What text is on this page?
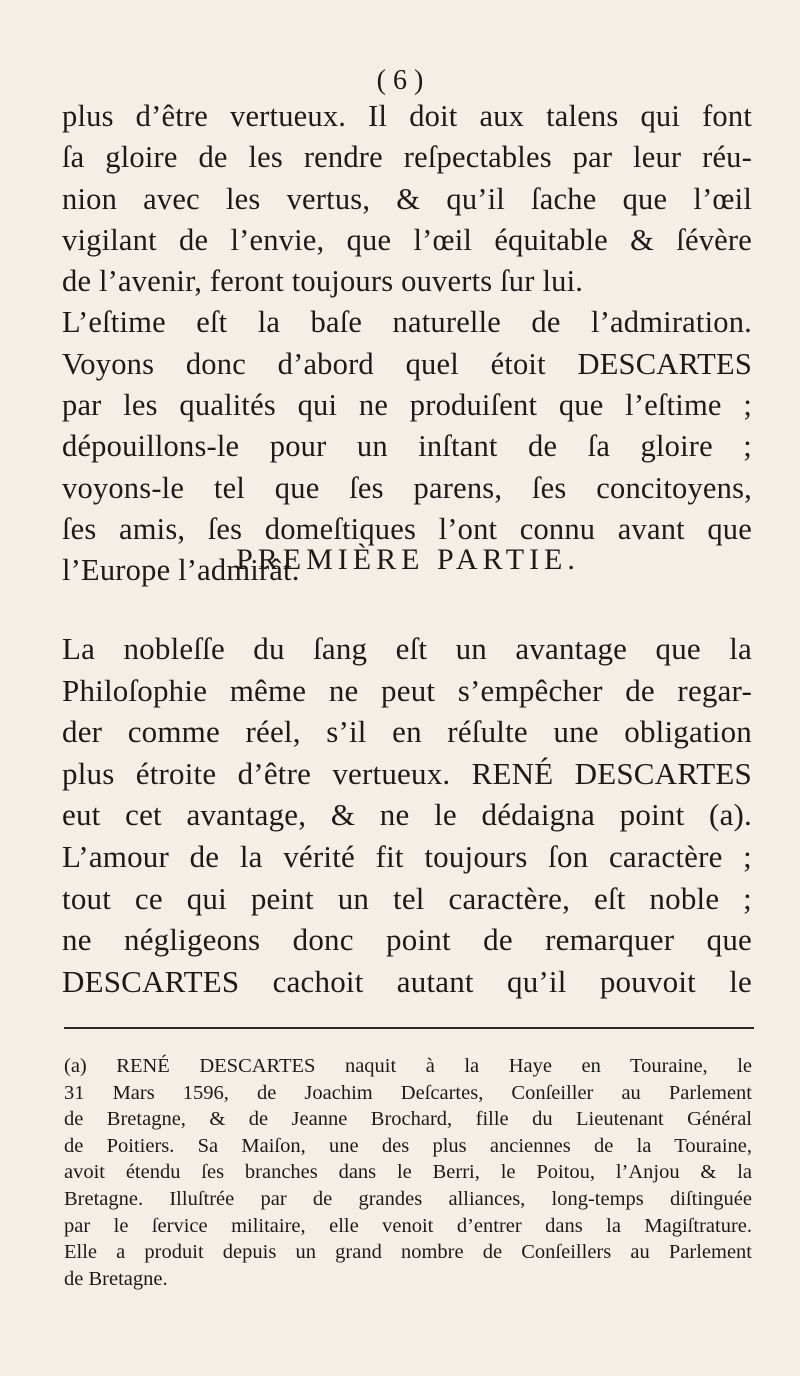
( 6 )
plus d’être vertueux. Il doit aux talens qui font
ſa gloire de les rendre reſpectables par leur réu-
nion avec les vertus, & qu’il ſache que l’œil
vigilant de l’envie, que l’œil équitable & ſévère
de l’avenir, feront toujours ouverts ſur lui.
L’eſtime eſt la baſe naturelle de l’admiration.
Voyons donc d’abord quel étoit DESCARTES
par les qualités qui ne produiſent que l’eſtime ;
dépouillons-le pour un inſtant de ſa gloire ;
voyons-le tel que ſes parens, ſes concitoyens,
ſes amis, ſes domeſtiques l’ont connu avant que
l’Europe l’admirât.
PREMIÈRE PARTIE.
La nobleſſe du ſang eſt un avantage que la
Philoſophie même ne peut s’empêcher de regar-
der comme réel, s’il en réſulte une obligation
plus étroite d’être vertueux. RENÉ DESCARTES
eut cet avantage, & ne le dédaigna point (a).
L’amour de la vérité fit toujours ſon caractère ;
tout ce qui peint un tel caractère, eſt noble ;
ne négligeons donc point de remarquer que
DESCARTES cachoit autant qu’il pouvoit le
(a) RENÉ DESCARTES naquit à la Haye en Touraine, le
31 Mars 1596, de Joachim Deſcartes, Conſeiller au Parlement
de Bretagne, & de Jeanne Brochard, fille du Lieutenant Général
de Poitiers. Sa Maiſon, une des plus anciennes de la Touraine,
avoit étendu ſes branches dans le Berri, le Poitou, l’Anjou & la
Bretagne. Illuſtrée par de grandes alliances, long-temps diſtinguée
par le ſervice militaire, elle venoit d’entrer dans la Magiſtrature.
Elle a produit depuis un grand nombre de Conſeillers au Parlement
de Bretagne.
